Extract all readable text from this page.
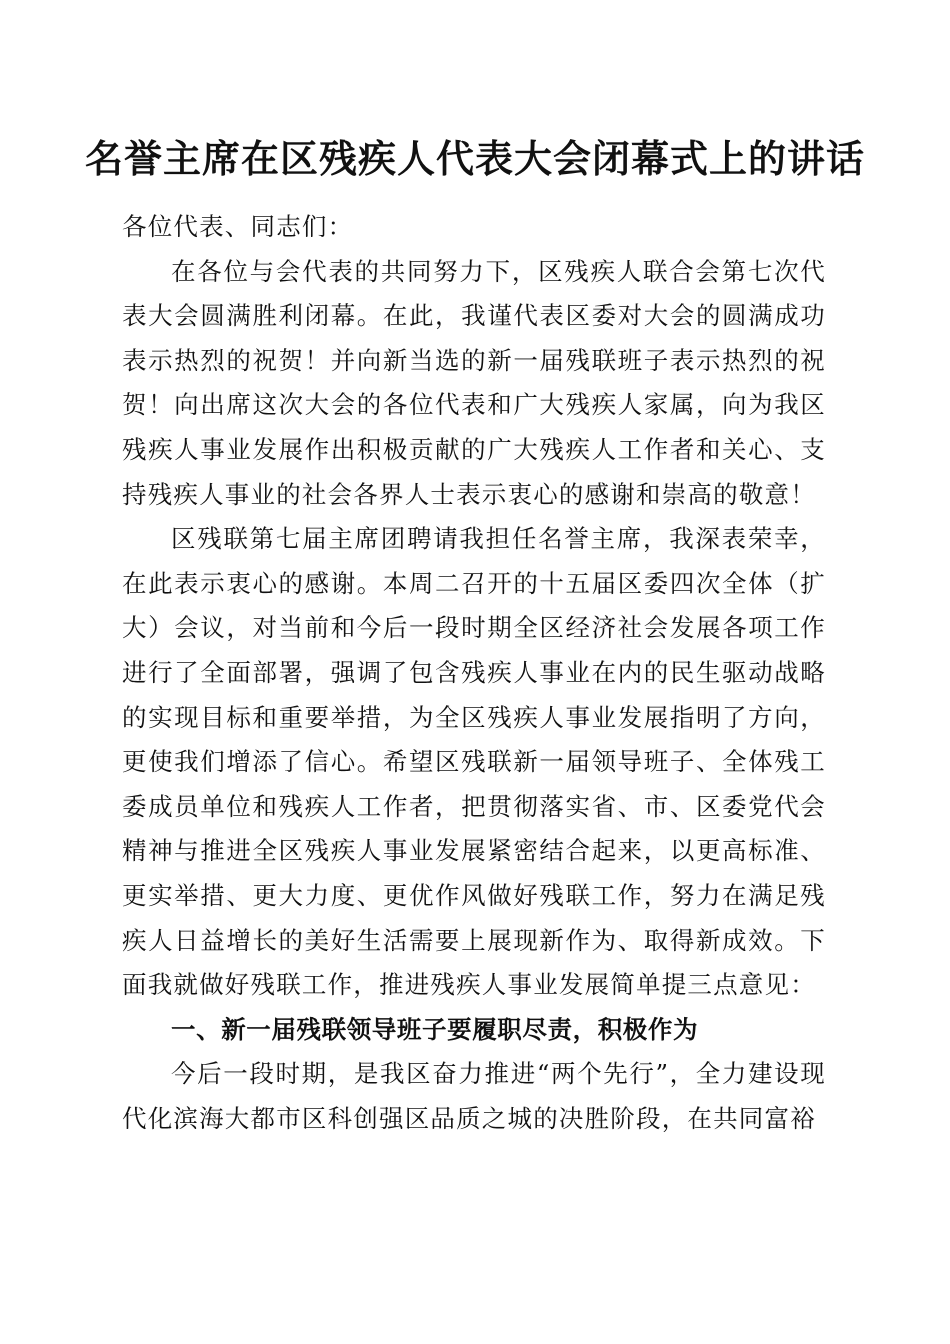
名誉主席在区残疾人代表大会闭幕式上的讲话

各位代表、同志们：

在各位与会代表的共同努力下，区残疾人联合会第七次代表大会圆满胜利闭幕。在此，我谨代表区委对大会的圆满成功表示热烈的祝贺！并向新当选的新一届残联班子表示热烈的祝贺！向出席这次大会的各位代表和广大残疾人家属，向为我区残疾人事业发展作出积极贡献的广大残疾人工作者和关心、支持残疾人事业的社会各界人士表示衷心的感谢和崇高的敬意！

区残联第七届主席团聘请我担任名誉主席，我深表荣幸，在此表示衷心的感谢。本周二召开的十五届区委四次全体（扩大）会议，对当前和今后一段时期全区经济社会发展各项工作进行了全面部署，强调了包含残疾人事业在内的民生驱动战略的实现目标和重要举措，为全区残疾人事业发展指明了方向，更使我们增添了信心。希望区残联新一届领导班子、全体残工委成员单位和残疾人工作者，把贯彻落实省、市、区委党代会精神与推进全区残疾人事业发展紧密结合起来，以更高标准、更实举措、更大力度、更优作风做好残联工作，努力在满足残疾人日益增长的美好生活需要上展现新作为、取得新成效。下面我就做好残联工作，推进残疾人事业发展简单提三点意见：

一、新一届残联领导班子要履职尽责，积极作为

今后一段时期，是我区奋力推进“两个先行”，全力建设现代化滨海大都市区科创强区品质之城的决胜阶段，在共同富裕
